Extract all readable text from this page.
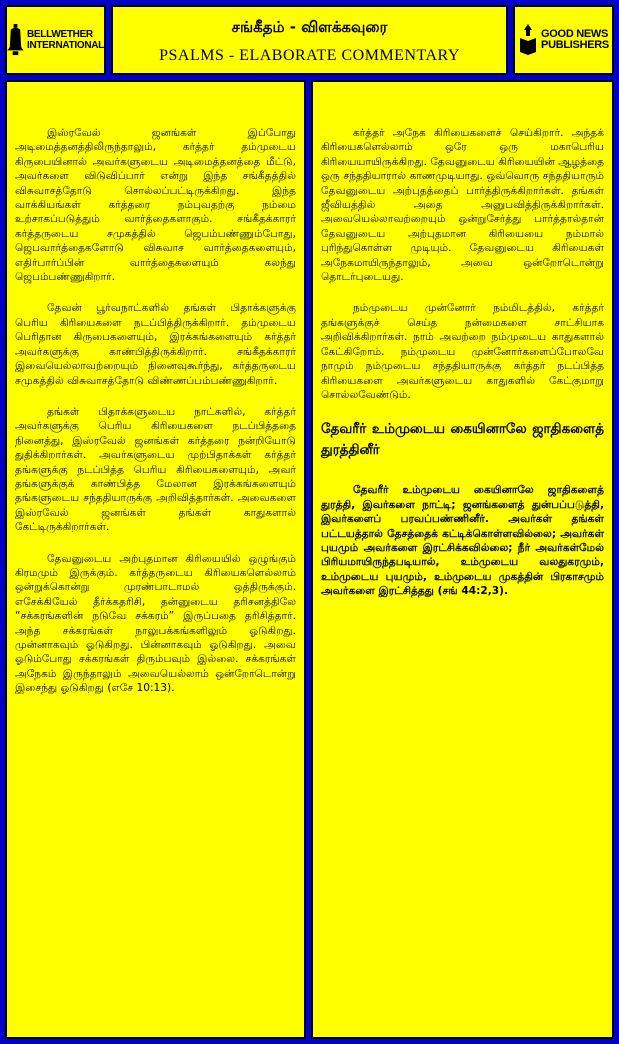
BELLWETHER
INTERNATIONAL
சங்கீதம் - விளக்கவுரை
PSALMS - ELABORATE COMMENTARY
GOOD NEWS
PUBLISHERS

இஸ்ரவேல் ஜனங்கள் இப்போது அடிமைத்தனத்திலிருந்தாலும், கர்த்தர் தம்முடைய கிருபையினால் அவர்களுடைய அடிமைத்தனத்தை மீட்டு, அவர்களை விடுவிப்பார் என்று இந்த சங்கீதத்தில் விசுவாசத்தோடு சொல்லப்பட்டிருக்கிறது. இந்த வாக்கியங்கள் கர்த்தரை நம்புவதற்கு நம்மை உற்சாகப்படுத்தும் வார்த்தைகளாகும். சங்கீதக்காரர் கர்த்தருடைய சமுகத்தில் ஜெபம்பண்ணும்போது, ஜெபவார்த்தைகளோடு விசுவாச வார்த்தைகளையும், எதிர்பார்ப்பின் வார்த்தைகளையும் கலந்து ஜெபம்பண்ணுகிறார்.

தேவன் பூர்வநாட்களில் தங்கள் பிதாக்களுக்கு பெரிய கிரியைகளை நடப்பித்திருக்கிறார். தம்முடைய பெரிதான கிருபைகளையும், இரக்கங்களையும் கர்த்தர் அவர்களுக்கு காண்பித்திருக்கிறார். சங்கீதக்காரர் இவையெல்லாவற்றையும் நினைவுகூர்ந்து, கர்த்தருடைய சமுகத்தில் விசுவாசத்தோடு விண்ணப்பம்பண்ணுகிறார்.

தங்கள் பிதாக்களுடைய நாட்களில், கர்த்தர் அவர்களுக்கு பெரிய கிரியைகளை நடப்பித்ததை நினைத்து, இஸ்ரவேல் ஜனங்கள் கர்த்தரை நன்றியோடு துதிக்கிறார்கள். அவர்களுடைய முற்பிதாக்கள் கர்த்தர் தங்களுக்கு நடப்பித்த பெரிய கிரியைகளையும், அவர் தங்களுக்குக் காண்பித்த மேலான இரக்கங்களையும் தங்களுடைய சந்ததியாருக்கு அறிவித்தார்கள். அவைகளை இஸ்ரவேல் ஜனங்கள் தங்கள் காதுகளால் கேட்டிருக்கிறார்கள்.

தேவனுடைய அற்புதமான கிரியையில் ஒழுங்கும் கிரமமும் இருக்கும். கர்த்தருடைய கிரியைகளெல்லாம் ஒன்றுக்கொன்று முரண்பாடாமல் ஒத்திருக்கும். எசேக்கியேல் தீர்க்கதரிசி, தன்னுடைய தரிசனத்திலே “சக்கரங்களின் நடுவே சக்கரம்” இருப்பதை தரிசித்தார். அந்த சக்கரங்கள் நாலுபக்கங்களிலும் ஓடுகிறது. முன்னாகவும் ஓடுகிறது. பின்னாகவும் ஓடுகிறது. அவை ஓடும்போது சக்கரங்கள் திரும்பவும் இல்லை. சக்கரங்கள் அநேகம் இருந்தாலும் அவையெல்லாம் ஒன்றோடொன்று இசைந்து ஓடுகிறது (எசே 10:13).

கர்த்தர் அநேக கிரியைகளைச் செய்கிறார். அந்தக் கிரியைகளெல்லாம் ஒரே ஒரு மகாபெரிய கிரியையாயிருக்கிறது. தேவனுடைய கிரியையின் ஆழத்தை ஒரு சந்ததியாரால் காணமுடியாது. ஒவ்வொரு சந்ததியாரும் தேவனுடைய அற்புதத்தைப் பார்த்திருக்கிறார்கள். தங்கள் ஜீவியத்தில் அதை அனுபவித்திருக்கிறார்கள். அவையெல்லாவற்றையும் ஒன்றுசேர்த்து பார்த்தால்தான் தேவனுடைய அற்புதமான கிரியையை நம்மால் புரிந்துகொள்ள முடியும். தேவனுடைய கிரியைகள் அநேகமாயிருந்தாலும், அவை ஒன்றோடொன்று தொடர்புடையது.

நம்முடைய முன்னோர் நம்மிடத்தில், கர்த்தர் தங்களுக்குச் செய்த நன்மைகளை சாட்சியாக அறிவிக்கிறார்கள். நாம் அவற்றை நம்முடைய காதுகளால் கேட்கிறோம். நம்முடைய முன்னோர்களைப்போலவே நாமும் நம்முடைய சந்ததியாருக்கு கர்த்தர் நடப்பித்த கிரியைகளை அவர்களுடைய காதுகளில் கேட்குமாறு சொல்லவேண்டும்.

தேவரீர் உம்முடைய கையினாலே ஜாதிகளைத் துரத்தினீர்

தேவரீர் உம்முடைய கையினாலே ஜாதிகளைத் துரத்தி, இவர்களை நாட்டி; ஜனங்களைத் துன்பப்படுத்தி, இவர்களைப் பரவப்பண்ணினீர். அவர்கள் தங்கள் பட்டயத்தால் தேசத்தைக் கட்டிக்கொள்ளவில்லை; அவர்கள் புயமும் அவர்களை இரட்சிக்கவில்லை; நீர் அவர்கள்மேல் பிரியமாயிருந்தபடியால், உம்முடைய வலதுகரமும், உம்முடைய புயமும், உம்முடைய முகத்தின் பிரகாசமும் அவர்களை இரட்சித்தது (சங் 44:2,3).
